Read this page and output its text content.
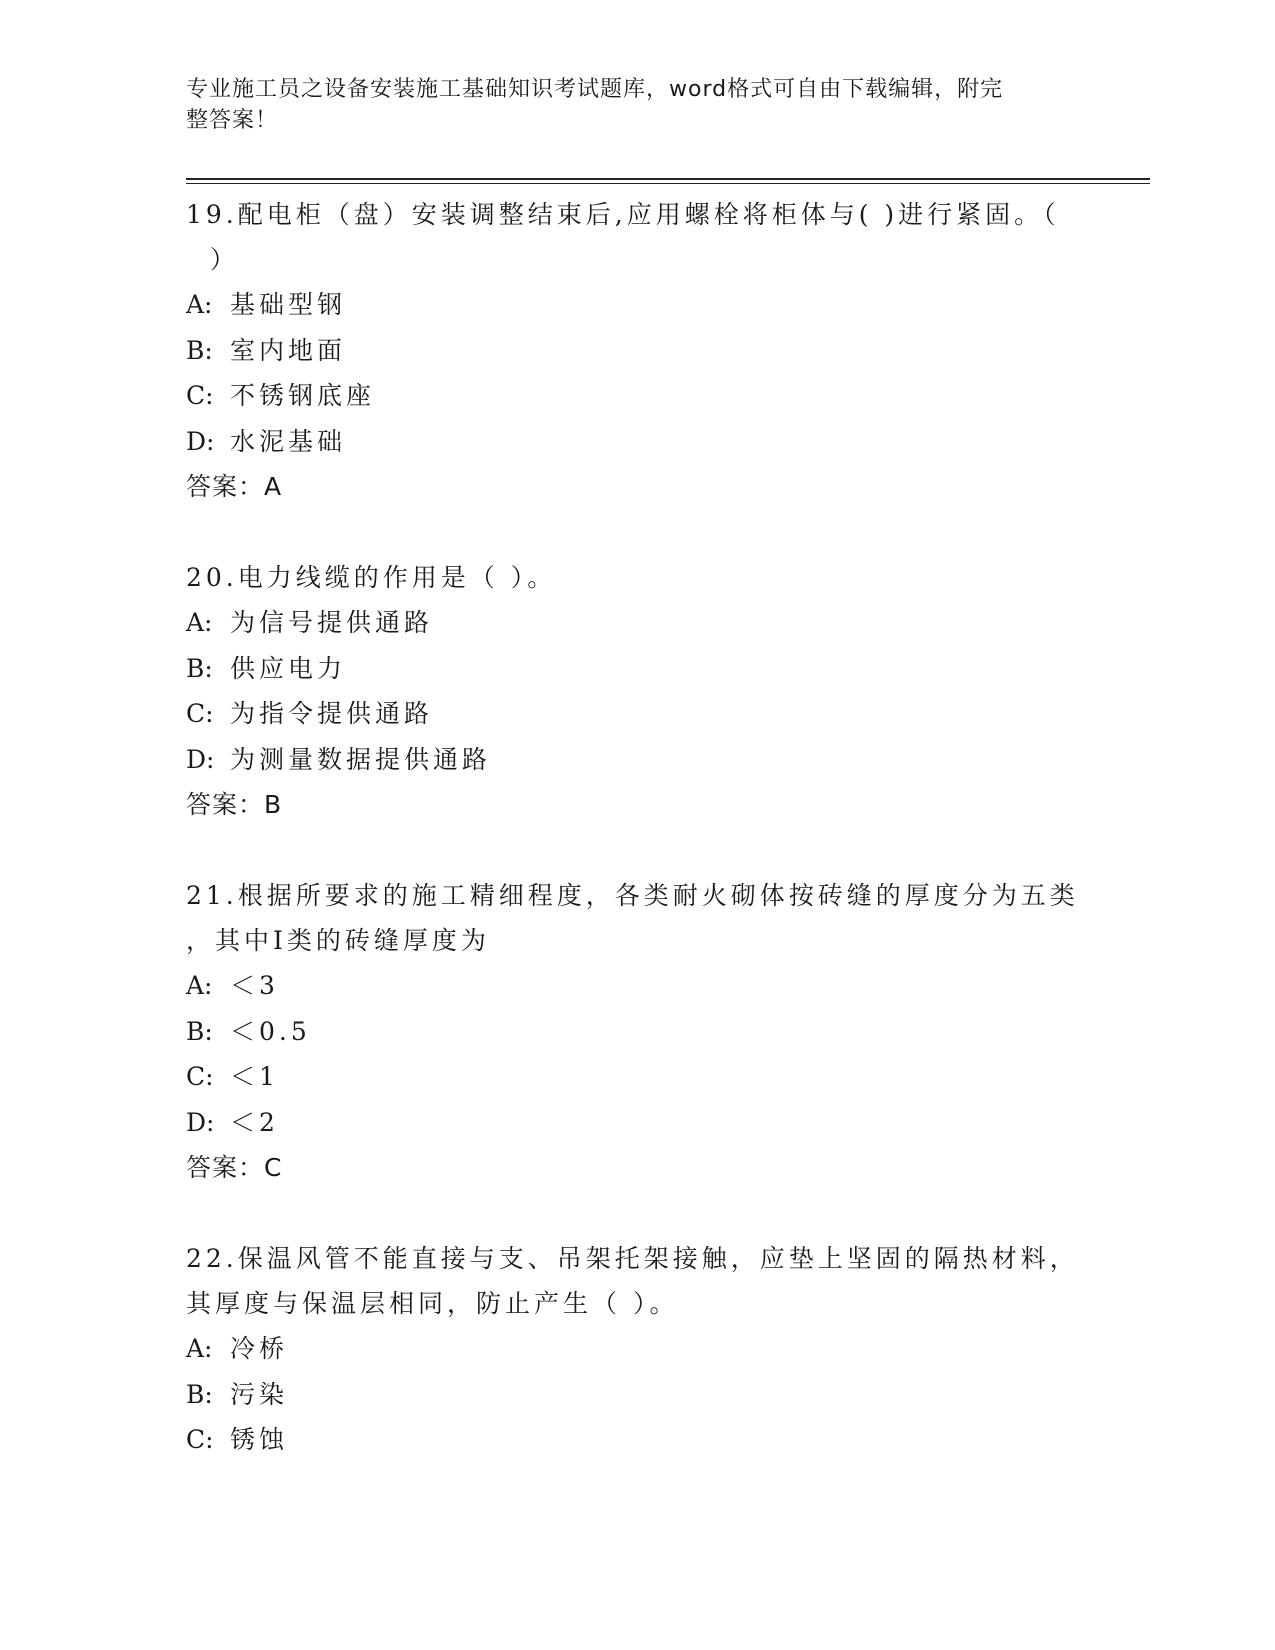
专业施工员之设备安装施工基础知识考试题库，word格式可自由下载编辑，附完
整答案！
19.配电柜（盘）安装调整结束后,应用螺栓将柜体与( )进行紧固。（
）
A: 基础型钢
B: 室内地面
C: 不锈钢底座
D: 水泥基础
答案：A
20.电力线缆的作用是（ ）。
A: 为信号提供通路
B: 供应电力
C: 为指令提供通路
D: 为测量数据提供通路
答案：B
21.根据所要求的施工精细程度，各类耐火砌体按砖缝的厚度分为五类
，其中Ⅰ类的砖缝厚度为
A: ＜3
B: ＜0.5
C: ＜1
D: ＜2
答案：C
22.保温风管不能直接与支、吊架托架接触，应垫上坚固的隔热材料，
其厚度与保温层相同，防止产生（ ）。
A: 冷桥
B: 污染
C: 锈蚀
